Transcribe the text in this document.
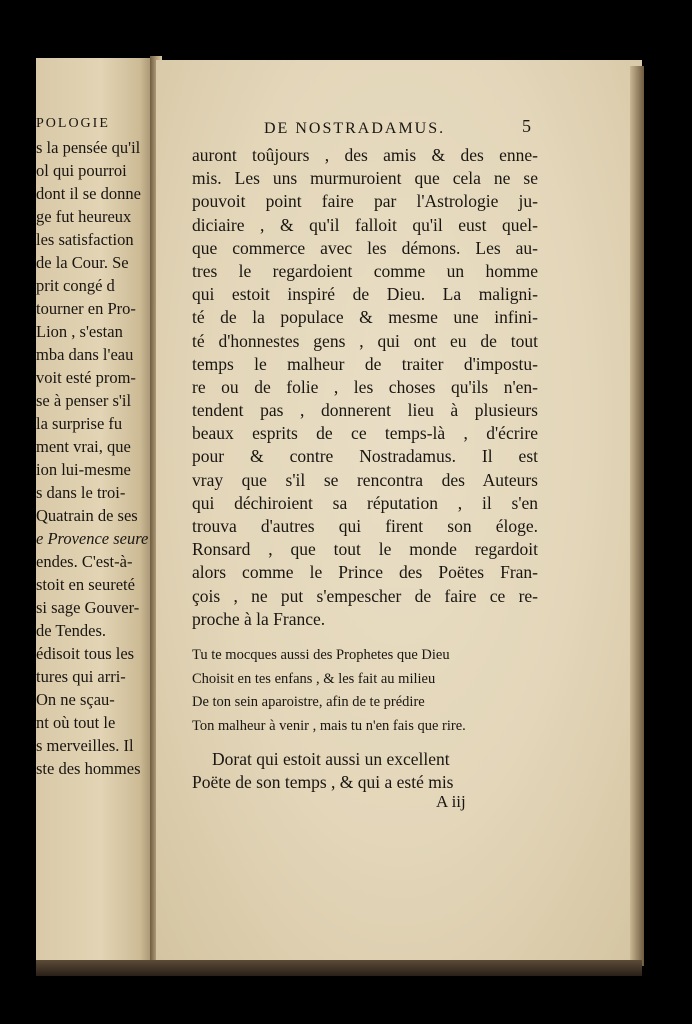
POLOGIE
s la pensée qu'il
ol qui pourroi
dont il se donne
ge fut heureux
les satisfaction
de la Cour. Se
prit congé d
tourner en Pro-
Lion , s'estan
mba dans l'eau
voit esté prom-
se à penser s'il
la surprise fu
ment vrai, que
ion lui-mesme
s dans le troi-
Quatrain de ses
e Provence seure
endes. C'est-à-
stoit en seureté
si sage Gouver-
de Tendes.
édisoit tous les
tures qui arri-
On ne sçau-
nt où tout le
s merveilles. Il
ste des hommes
DE NOSTRADAMUS.	5
auront toûjours , des amis & des enne-
mis. Les uns murmuroient que cela ne se
pouvoit point faire par l'Astrologie ju-
diciaire , & qu'il falloit qu'il eust quel-
que commerce avec les démons. Les au-
tres le regardoient comme un homme
qui estoit inspiré de Dieu. La maligni-
té de la populace & mesme une infini-
té d'honnestes gens , qui ont eu de tout
temps le malheur de traiter d'impostu-
re ou de folie , les choses qu'ils n'en-
tendent pas , donnerent lieu à plusieurs
beaux esprits de ce temps-là , d'écrire
pour & contre Nostradamus. Il est
vray que s'il se rencontra des Auteurs
qui déchiroient sa réputation , il s'en
trouva d'autres qui firent son éloge.
Ronsard , que tout le monde regardoit
alors comme le Prince des Poëtes Fran-
çois , ne put s'empescher de faire ce re-
proche à la France.
Tu te mocques aussi des Prophetes que Dieu
Choisit en tes enfans , & les fait au milieu
De ton sein aparoistre, afin de te prédire
Ton malheur à venir , mais tu n'en fais que rire.
Dorat qui estoit aussi un excellent
Poëte de son temps , & qui a esté mis
A iij
